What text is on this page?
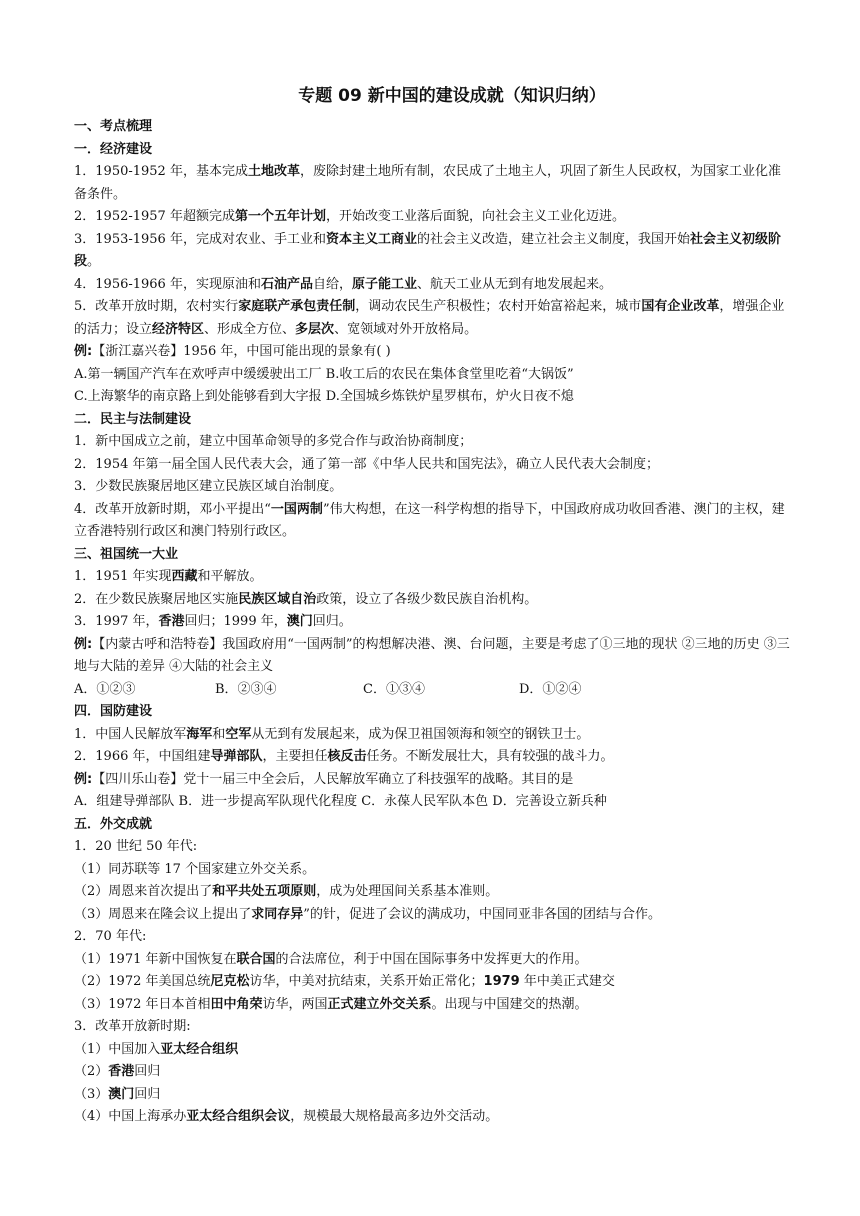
专题 09 新中国的建设成就（知识归纳）
一、考点梳理
一．经济建设
1．1950-1952 年，基本完成土地改革，废除封建土地所有制，农民成了土地主人，巩固了新生人民政权，为国家工业化准备条件。
2．1952-1957 年超额完成第一个五年计划，开始改变工业落后面貌，向社会主义工业化迈进。
3．1953-1956 年，完成对农业、手工业和资本主义工商业的社会主义改造，建立社会主义制度，我国开始社会主义初级阶段。
4．1956-1966 年，实现原油和石油产品自给，原子能工业、航天工业从无到有地发展起来。
5．改革开放时期，农村实行家庭联产承包责任制，调动农民生产积极性；农村开始富裕起来，城市国有企业改革，增强企业的活力；设立经济特区、形成全方位、多层次、宽领域对外开放格局。
例:【浙江嘉兴卷】1956 年，中国可能出现的景象有( )
A.第一辆国产汽车在欢呼声中缓缓驶出工厂 B.收工后的农民在集体食堂里吃着“大锅饭”
C.上海繁华的南京路上到处能够看到大字报 D.全国城乡炼铁炉星罗棋布，炉火日夜不熄
二．民主与法制建设
1．新中国成立之前，建立中国革命领导的多党合作与政治协商制度；
2．1954 年第一届全国人民代表大会，通了第一部《中华人民共和国宪法》，确立人民代表大会制度；
3．少数民族聚居地区建立民族区域自治制度。
4．改革开放新时期，邓小平提出“一国两制”伟大构想，在这一科学构想的指导下，中国政府成功收回香港、澳门的主权，建立香港特别行政区和澳门特别行政区。
三、祖国统一大业
1．1951 年实现西藏和平解放。
2．在少数民族聚居地区实施民族区域自治政策，设立了各级少数民族自治机构。
3．1997 年，香港回归；1999 年，澳门回归。
例:【内蒙古呼和浩特卷】我国政府用“一国两制”的构想解决港、澳、台问题，主要是考虑了①三地的现状 ②三地的历史 ③三地与大陆的差异 ④大陆的社会主义
A．①②③	B．②③④	C．①③④	D．①②④
四．国防建设
1．中国人民解放军海军和空军从无到有发展起来，成为保卫祖国领海和领空的钢铁卫士。
2．1966 年，中国组建导弹部队，主要担任核反击任务。不断发展壮大，具有较强的战斗力。
例:【四川乐山卷】党十一届三中全会后，人民解放军确立了科技强军的战略。其目的是
A．组建导弹部队 B．进一步提高军队现代化程度 C．永葆人民军队本色 D．完善设立新兵种
五．外交成就
1．20 世纪 50 年代:
（1）同苏联等 17 个国家建立外交关系。
（2）周恩来首次提出了和平共处五项原则，成为处理国间关系基本准则。
（3）周恩来在隆会议上提出了求同存异”的针，促进了会议的满成功，中国同亚非各国的团结与合作。
2．70 年代:
（1）1971 年新中国恢复在联合国的合法席位，利于中国在国际事务中发挥更大的作用。
（2）1972 年美国总统尼克松访华，中美对抗结束，关系开始正常化；1979 年中美正式建交
（3）1972 年日本首相田中角荣访华，两国正式建立外交关系。出现与中国建交的热潮。
3．改革开放新时期:
（1）中国加入亚太经合组织
（2）香港回归
（3）澳门回归
（4）中国上海承办亚太经合组织会议，规模最大规格最高多边外交活动。
